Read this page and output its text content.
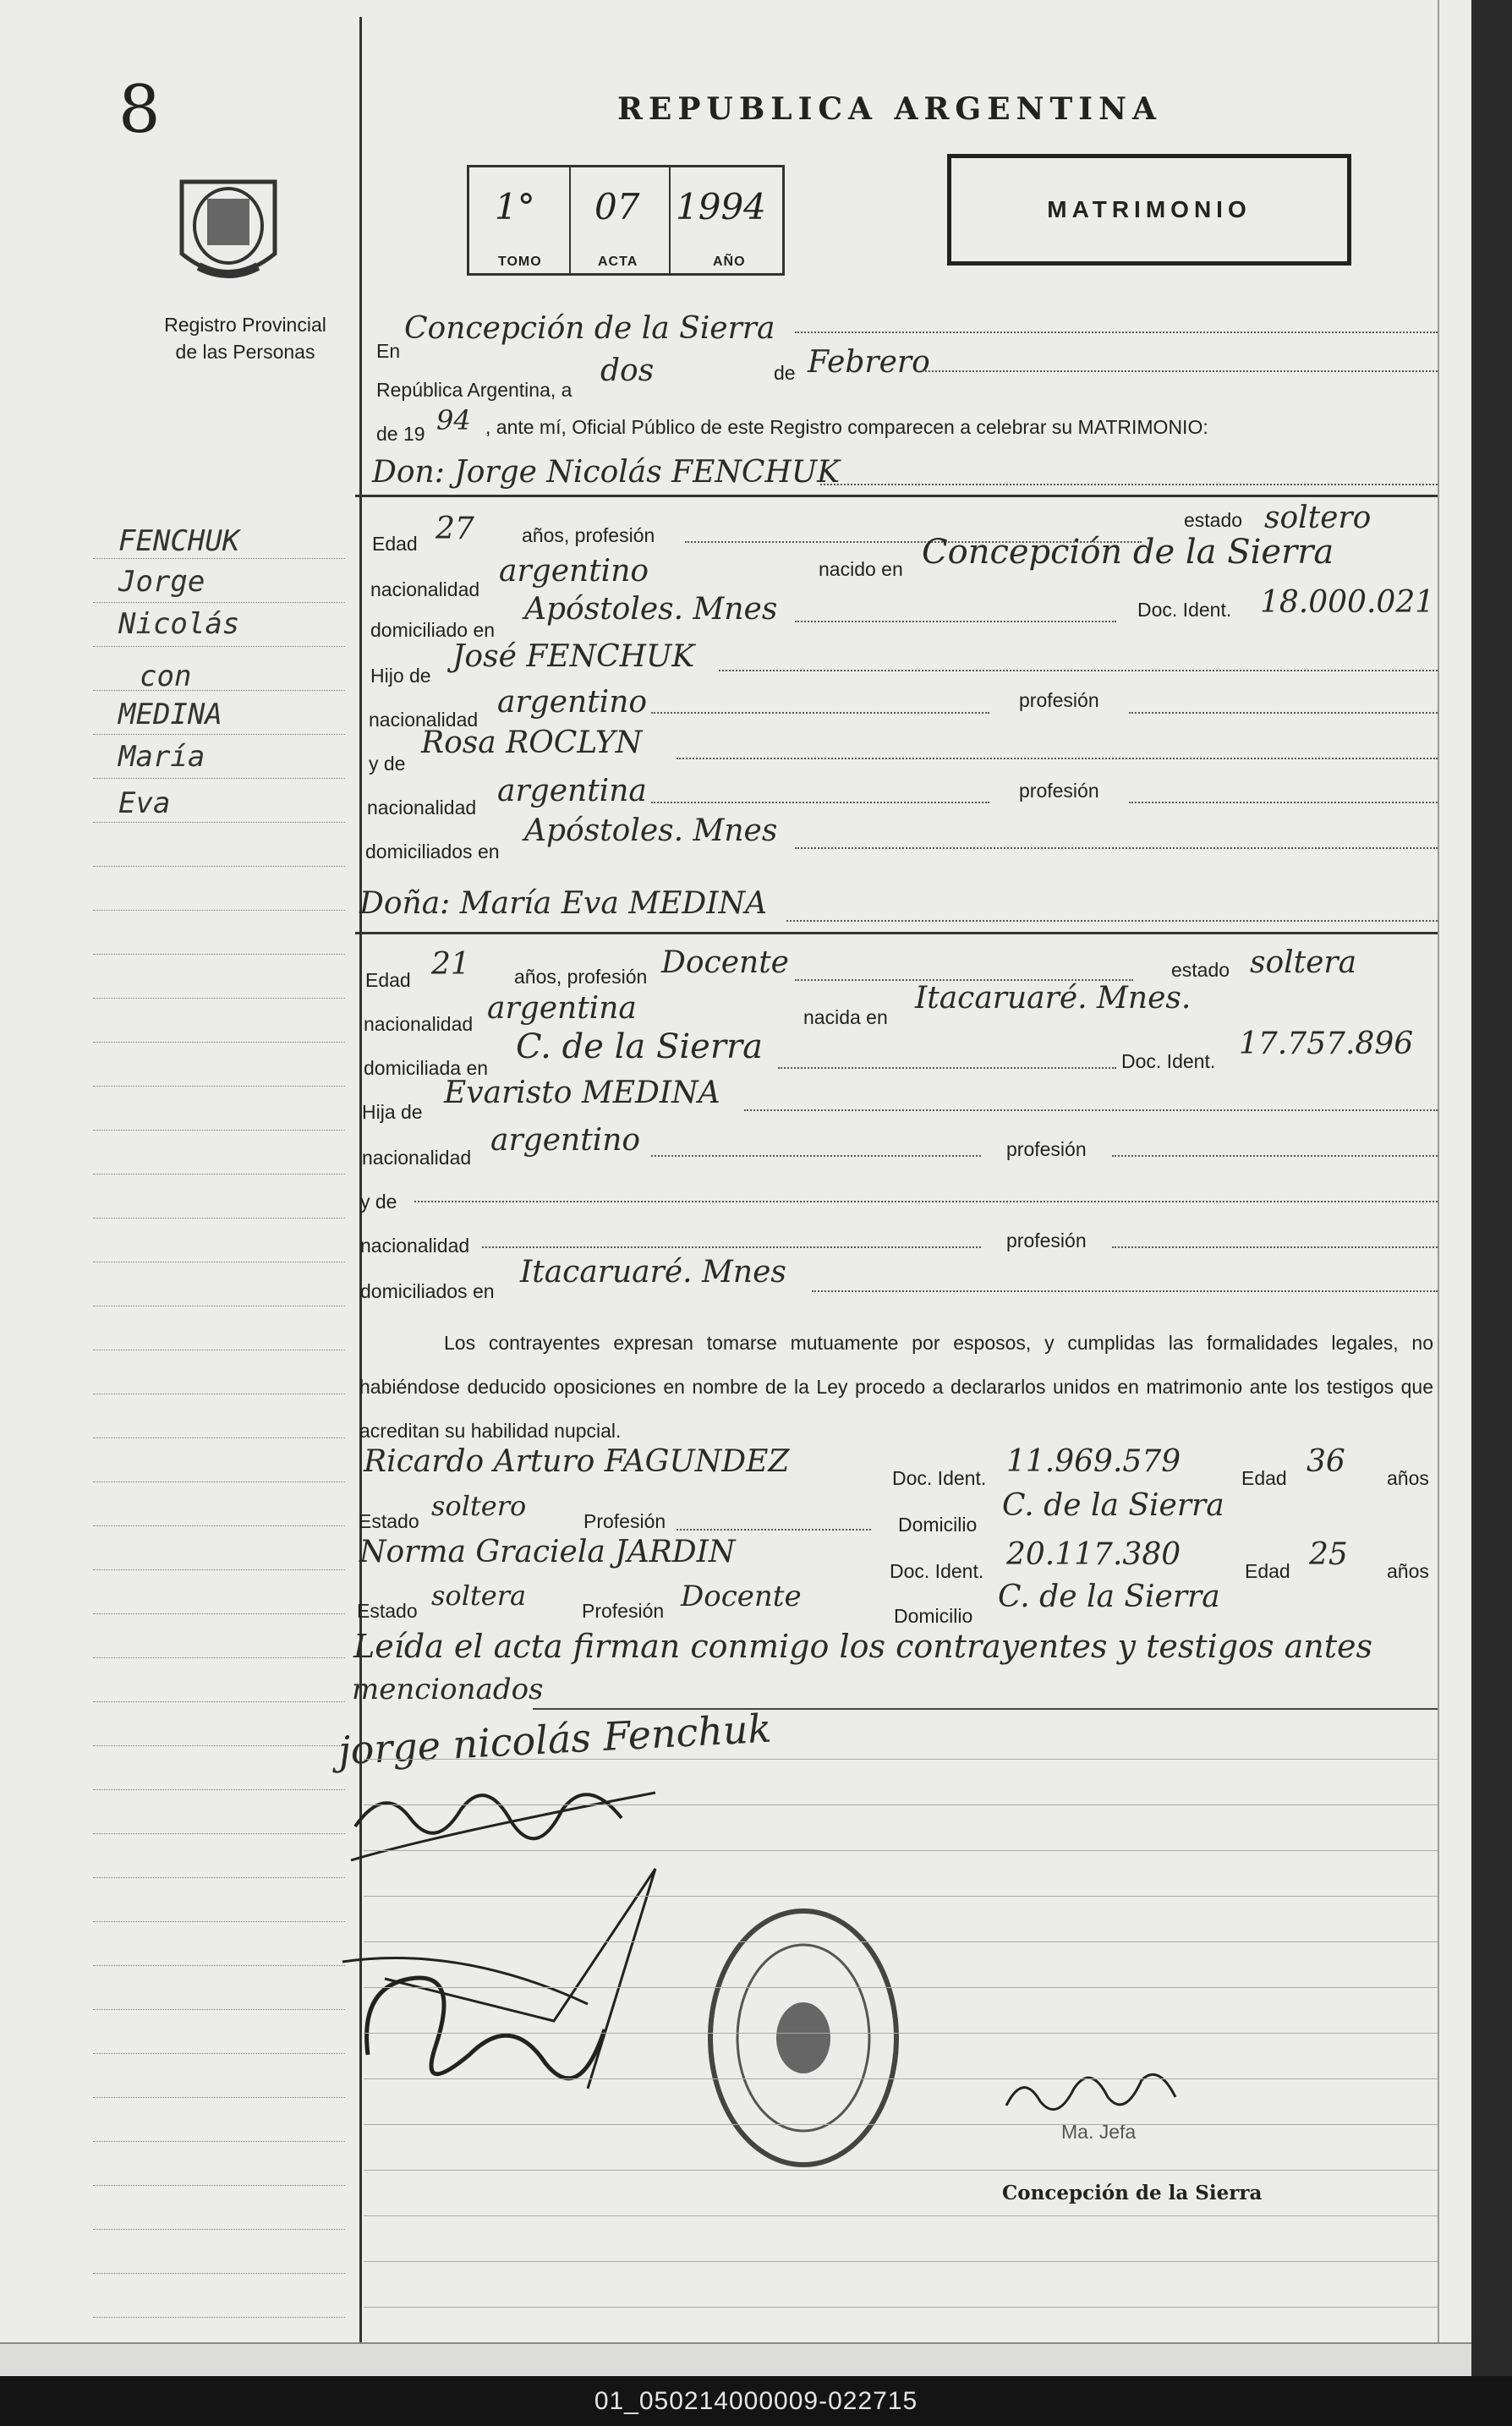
8	REPUBLICA ARGENTINA
MATRIMONIO
1°
TOMO
07
ACTA
1994
AÑO
Registro Provincial
de las Personas
FENCHUK
Jorge
Nicolás
con
MEDINA
María
Eva
En
Concepción de la Sierra
República Argentina, a
dos	de Febrero
de 19 94 , ante mí, Oficial Público de este Registro comparecen a celebrar su MATRIMONIO:
Don: Jorge Nicolás FENCHUK
Edad 27 años, profesión
estado soltero
nacionalidad
argentino	nacido en Concepción de la Sierra
domiciliado en
Apóstoles. Mnes	Doc. Ident. 18.000.021
Hijo de
José FENCHUK
nacionalidad argentino	profesión
y de
Rosa ROCLYN
nacionalidad argentina	profesión
domiciliados en
Apóstoles. Mnes
Doña: María Eva MEDINA
Edad 21 años, profesión Docente	estado soltera
nacionalidad argentina	nacida en
Itacaruaré. Mnes.
domiciliada en
C. de la Sierra	Doc. Ident. 17.757.896
Hija de
Evaristo MEDINA
nacionalidad argentino	profesión
y de
nacionalidad	profesión
domiciliados en
Itacaruaré. Mnes
Los contrayentes expresan tomarse mutuamente por esposos, y cumplidas las formalidades legales, no habiéndose deducido oposiciones en nombre de la Ley procedo a declararlos unidos en matrimonio ante los testigos que acreditan su habilidad nupcial.
Ricardo Arturo FAGUNDEZ	Doc. Ident. 11.969.579	Edad 36 años
Estado soltero	Profesión	Domicilio
C. de la Sierra
Norma Graciela JARDIN
Doc. Ident. 20.117.380	Edad 25 años
Estado soltera	Profesión Docente
Domicilio
C. de la Sierra
Leída el acta firman conmigo los contrayentes y testigos antes
mencionados
jorge nicolás Fenchuk
Ma. Jefa
Concepción de la Sierra
01_050214000009-022715
